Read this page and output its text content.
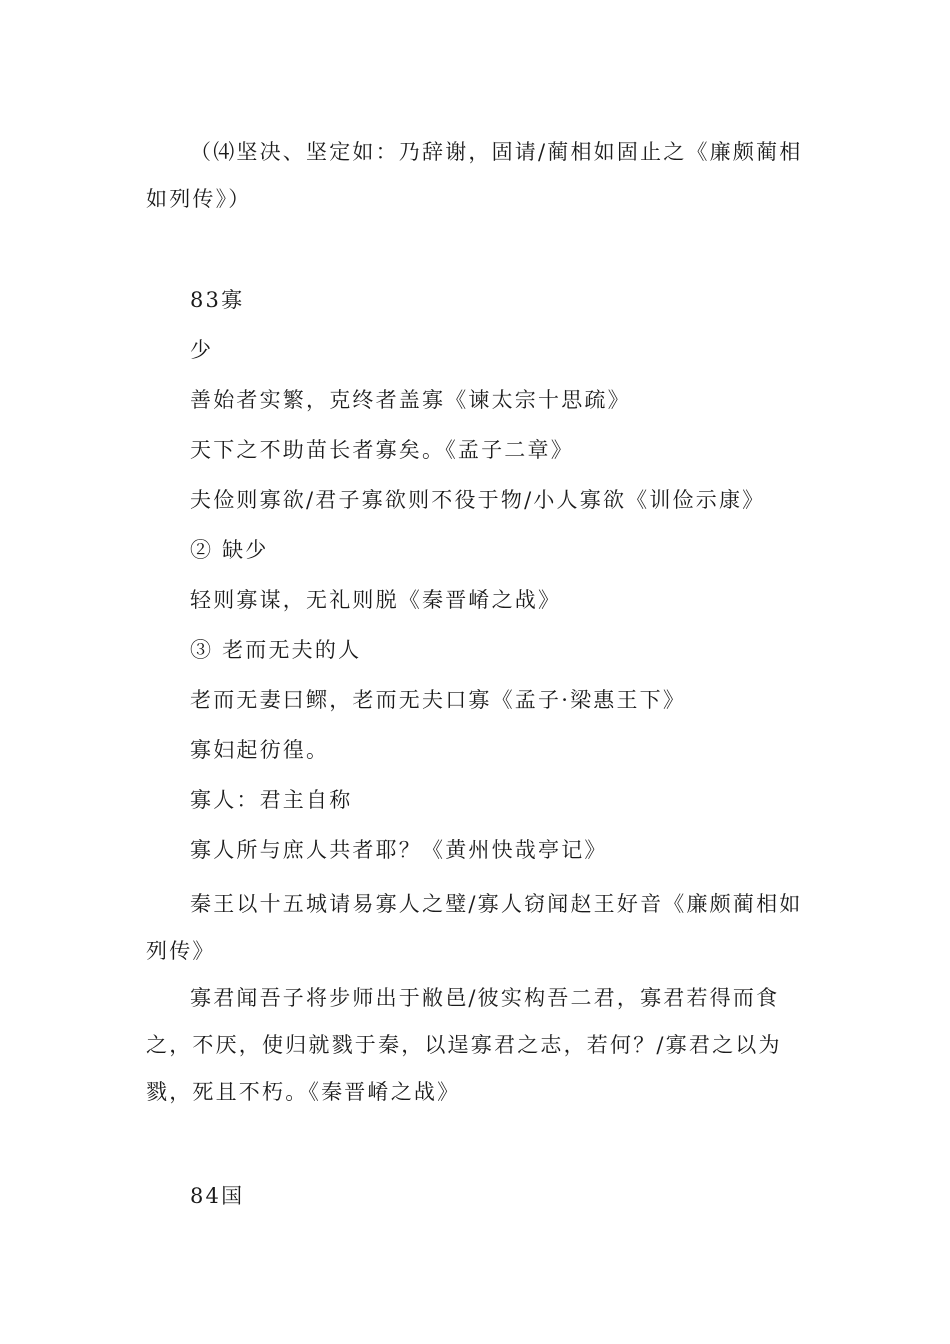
（⑷坚决、坚定如：乃辞谢，固请/蔺相如固止之《廉颇蔺相如列传》）

83寡

少

善始者实繁，克终者盖寡《谏太宗十思疏》

天下之不助苗长者寡矣。《孟子二章》

夫俭则寡欲/君子寡欲则不役于物/小人寡欲《训俭示康》

② 缺少

轻则寡谋，无礼则脱《秦晋崤之战》

③ 老而无夫的人

老而无妻曰鳏，老而无夫口寡《孟子·梁惠王下》

寡妇起彷徨。

寡人：君主自称

寡人所与庶人共者耶？《黄州快哉亭记》

秦王以十五城请易寡人之璧/寡人窃闻赵王好音《廉颇蔺相如列传》

寡君闻吾子将步师出于敝邑/彼实构吾二君，寡君若得而食之，不厌，使归就戮于秦，以逞寡君之志，若何？/寡君之以为戮，死且不朽。《秦晋崤之战》

84国
